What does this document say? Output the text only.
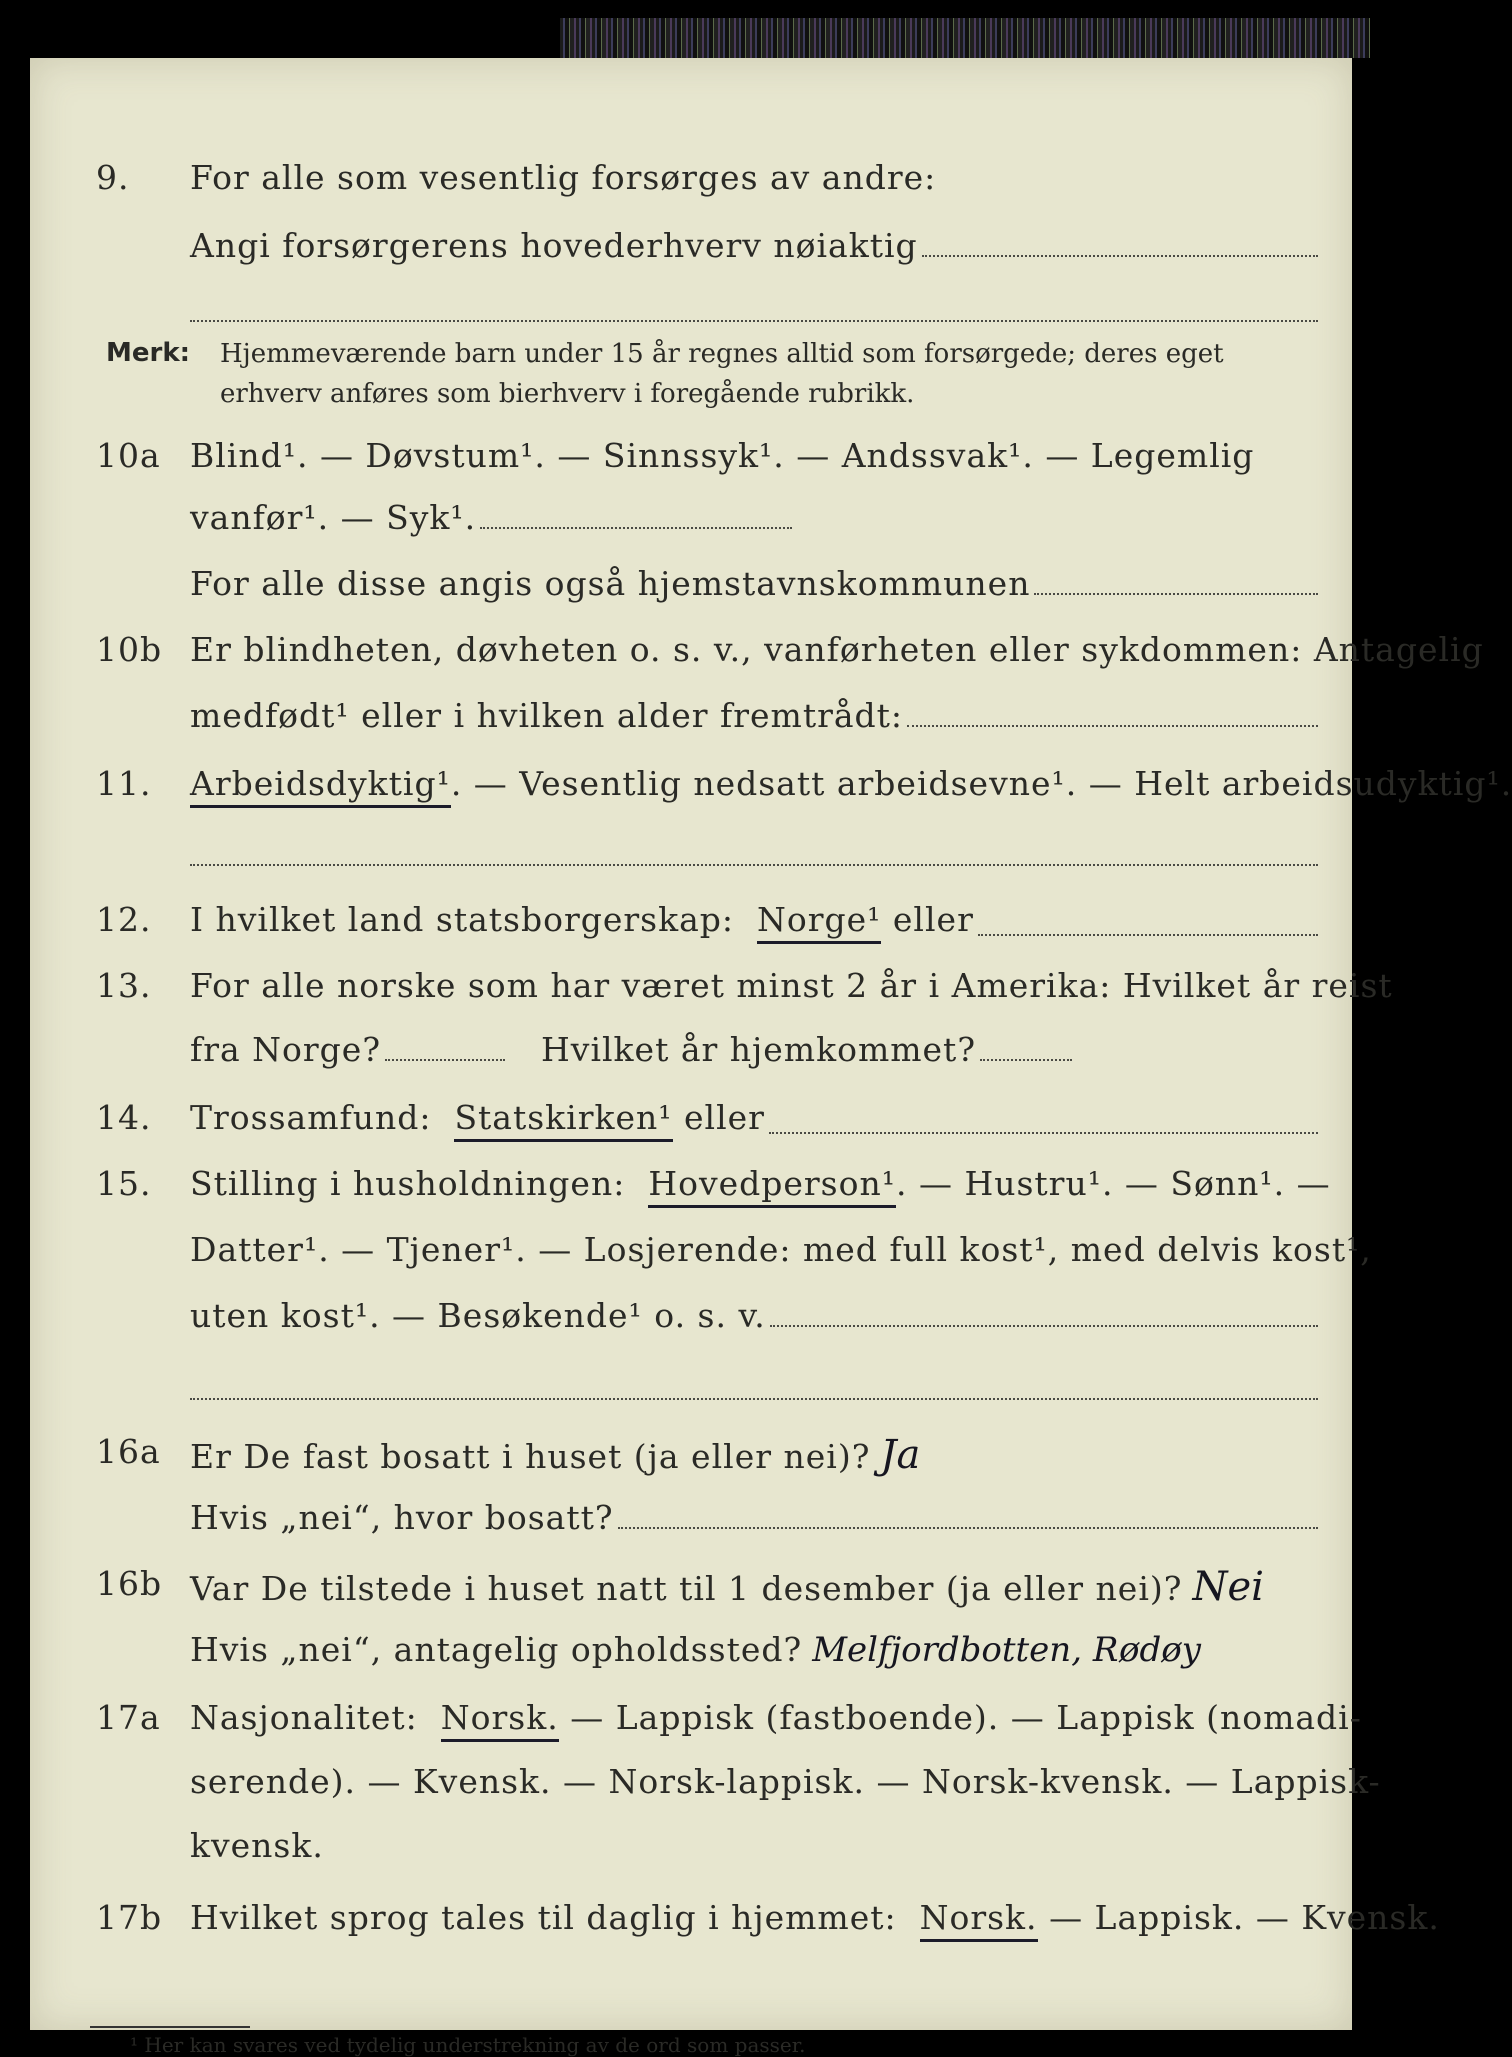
9.	For alle som vesentlig forsørges av andre:
Angi forsørgerens hovederhverv nøiaktig
Merk: Hjemmeværende barn under 15 år regnes alltid som forsørgede; deres eget erhverv anføres som bierhverv i foregående rubrikk.
10a Blind¹. — Døvstum¹. — Sinnssyk¹. — Andssvak¹. — Legemlig
vanfør¹. — Syk¹.
For alle disse angis også hjemstavnskommunen
10b Er blindheten, døvheten o. s. v., vanførheten eller sykdommen: Antagelig
medfødt¹ eller i hvilken alder fremtrådt:
11.	Arbeidsdyktig¹. — Vesentlig nedsatt arbeidsevne¹. — Helt arbeidsudyktig¹.
12.	I hvilket land statsborgerskap:
Norge¹
eller
13.	For alle norske som har været minst 2 år i Amerika: Hvilket år reist
fra Norge?	Hvilket år hjemkommet?
14.	Trossamfund:
Statskirken¹
eller
15.	Stilling i husholdningen: Hovedperson¹. — Hustru¹. — Sønn¹. —
Datter¹. — Tjener¹. — Losjerende: med full kost¹, med delvis kost¹,
uten kost¹. — Besøkende¹ o. s. v.
16a Er De fast bosatt i huset (ja eller nei)? Ja
Hvis „nei“, hvor bosatt?
16b Var De tilstede i huset natt til 1 desember (ja eller nei)? Nei
Hvis „nei“, antagelig opholdssted? Melfjordbotten, Rødøy
17a Nasjonalitet: Norsk. — Lappisk (fastboende). — Lappisk (nomadi-
serende). — Kvensk. — Norsk-lappisk. — Norsk-kvensk. — Lappisk-
kvensk.
17b Hvilket sprog tales til daglig i hjemmet: Norsk. — Lappisk. — Kvensk.
¹ Her kan svares ved tydelig understrekning av de ord som passer.
